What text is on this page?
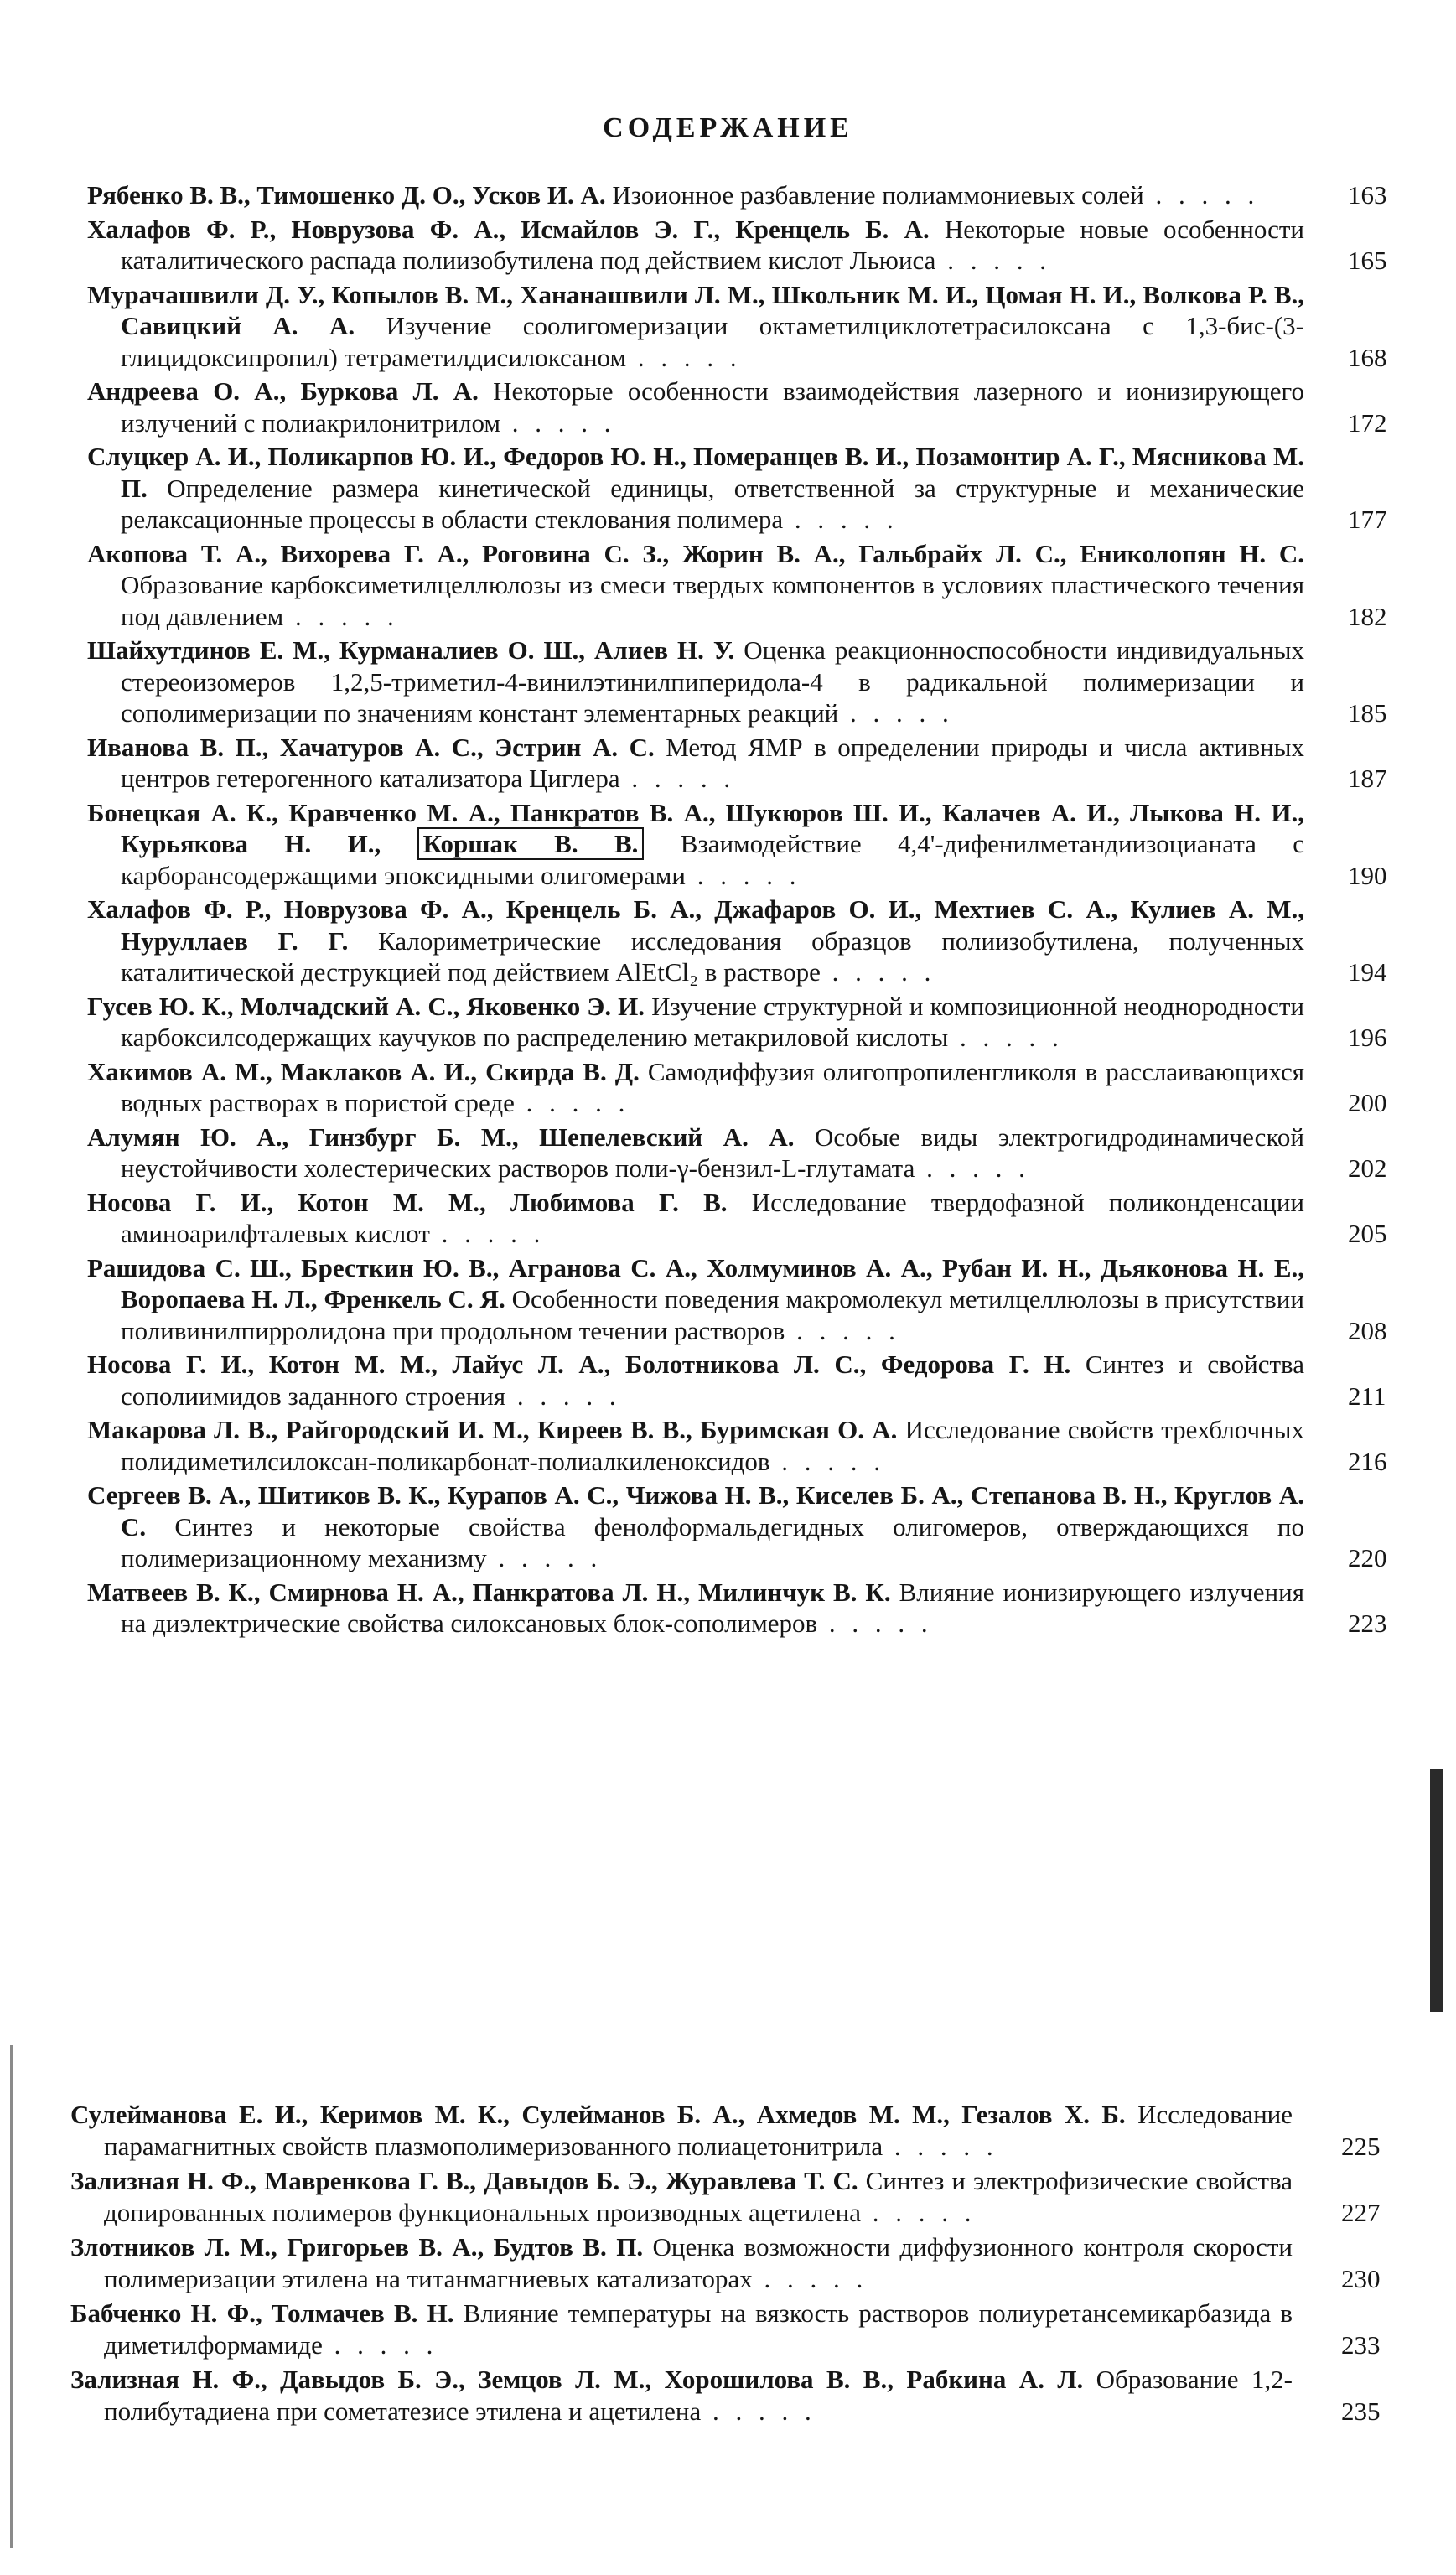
СОДЕРЖАНИЕ
Рябенко В. В., Тимошенко Д. О., Усков И. А. Изоионное разбавление полиаммониевых солей . . . . .	163
Халафов Ф. Р., Новрузова Ф. А., Исмайлов Э. Г., Кренцель Б. А. Некоторые новые особенности каталитического распада полиизобутилена под действием кислот Льюиса . . . . .	165
Мурачашвили Д. У., Копылов В. М., Хананашвили Л. М., Школьник М. И., Цомая Н. И., Волкова Р. В., Савицкий А. А. Изучение соолигомеризации октаметилциклотетрасилоксана с 1,3-бис-(3-глицидоксипропил) тетраметилдисилоксаном . . . . .	168
Андреева О. А., Буркова Л. А. Некоторые особенности взаимодействия лазерного и ионизирующего излучений с полиакрилонитрилом . . . . .	172
Слуцкер А. И., Поликарпов Ю. И., Федоров Ю. Н., Померанцев В. И., Позамонтир А. Г., Мясникова М. П. Определение размера кинетической единицы, ответственной за структурные и механические релаксационные процессы в области стеклования полимера . . . . .	177
Акопова Т. А., Вихорева Г. А., Роговина С. З., Жорин В. А., Гальбрайх Л. С., Ениколопян Н. С. Образование карбоксиметилцеллюлозы из смеси твердых компонентов в условиях пластического течения под давлением . . . . .	182
Шайхутдинов Е. М., Курманалиев О. Ш., Алиев Н. У. Оценка реакционноспособности индивидуальных стереоизомеров 1,2,5-триметил-4-винилэтинилпиперидола-4 в радикальной полимеризации и сополимеризации по значениям констант элементарных реакций . . . . .	185
Иванова В. П., Хачатуров А. С., Эстрин А. С. Метод ЯМР в определении природы и числа активных центров гетерогенного катализатора Циглера . . . . .	187
Бонецкая А. К., Кравченко М. А., Панкратов В. А., Шукюров Ш. И., Калачев А. И., Лыкова Н. И., Курьякова Н. И., Коршак В. В. Взаимодействие 4,4'-дифенилметандиизоцианата с карборансодержащими эпоксидными олигомерами . . . . .	190
Халафов Ф. Р., Новрузова Ф. А., Кренцель Б. А., Джафаров О. И., Мехтиев С. А., Кулиев А. М., Нуруллаев Г. Г. Калориметрические исследования образцов полиизобутилена, полученных каталитической деструкцией под действием AlEtCl₂ в растворе . . . . .	194
Гусев Ю. К., Молчадский А. С., Яковенко Э. И. Изучение структурной и композиционной неоднородности карбоксилсодержащих каучуков по распределению метакриловой кислоты . . . . .	196
Хакимов А. М., Маклаков А. И., Скирда В. Д. Самодиффузия олигопропиленгликоля в расслаивающихся водных растворах в пористой среде . . . . .	200
Алумян Ю. А., Гинзбург Б. М., Шепелевский А. А. Особые виды электрогидродинамической неустойчивости холестерических растворов поли-γ-бензил-L-глутамата . . . . .	202
Носова Г. И., Котон М. М., Любимова Г. В. Исследование твердофазной поликонденсации аминоарилфталевых кислот . . . . .	205
Рашидова С. Ш., Бресткин Ю. В., Агранова С. А., Холмуминов А. А., Рубан И. Н., Дьяконова Н. Е., Воропаева Н. Л., Френкель С. Я. Особенности поведения макромолекул метилцеллюлозы в присутствии поливинилпирролидона при продольном течении растворов . . . . .	208
Носова Г. И., Котон М. М., Лайус Л. А., Болотникова Л. С., Федорова Г. Н. Синтез и свойства сополиимидов заданного строения . . . . .	211
Макарова Л. В., Райгородский И. М., Киреев В. В., Буримская О. А. Исследование свойств трехблочных полидиметилсилоксан-поликарбонат-полиалкиленоксидов . . . . .	216
Сергеев В. А., Шитиков В. К., Курапов А. С., Чижова Н. В., Киселев Б. А., Степанова В. Н., Круглов А. С. Синтез и некоторые свойства фенолформальдегидных олигомеров, отверждающихся по полимеризационному механизму . . . . .	220
Матвеев В. К., Смирнова Н. А., Панкратова Л. Н., Милинчук В. К. Влияние ионизирующего излучения на диэлектрические свойства силоксановых блок-сополимеров . . . . .	223
Сулейманова Е. И., Керимов М. К., Сулейманов Б. А., Ахмедов М. М., Гезалов Х. Б. Исследование парамагнитных свойств плазмополимеризованного полиацетонитрила . . . . .	225
Зализная Н. Ф., Мавренкова Г. В., Давыдов Б. Э., Журавлева Т. С. Синтез и электрофизические свойства допированных полимеров функциональных производных ацетилена . . . . .	227
Злотников Л. М., Григорьев В. А., Будтов В. П. Оценка возможности диффузионного контроля скорости полимеризации этилена на титанмагниевых катализаторах . . . . .	230
Бабченко Н. Ф., Толмачев В. Н. Влияние температуры на вязкость растворов полиуретансемикарбазида в диметилформамиде . . . . .	233
Зализная Н. Ф., Давыдов Б. Э., Земцов Л. М., Хорошилова В. В., Рабкина А. Л. Образование 1,2-полибутадиена при сометатезисе этилена и ацетилена . . . . .	235
